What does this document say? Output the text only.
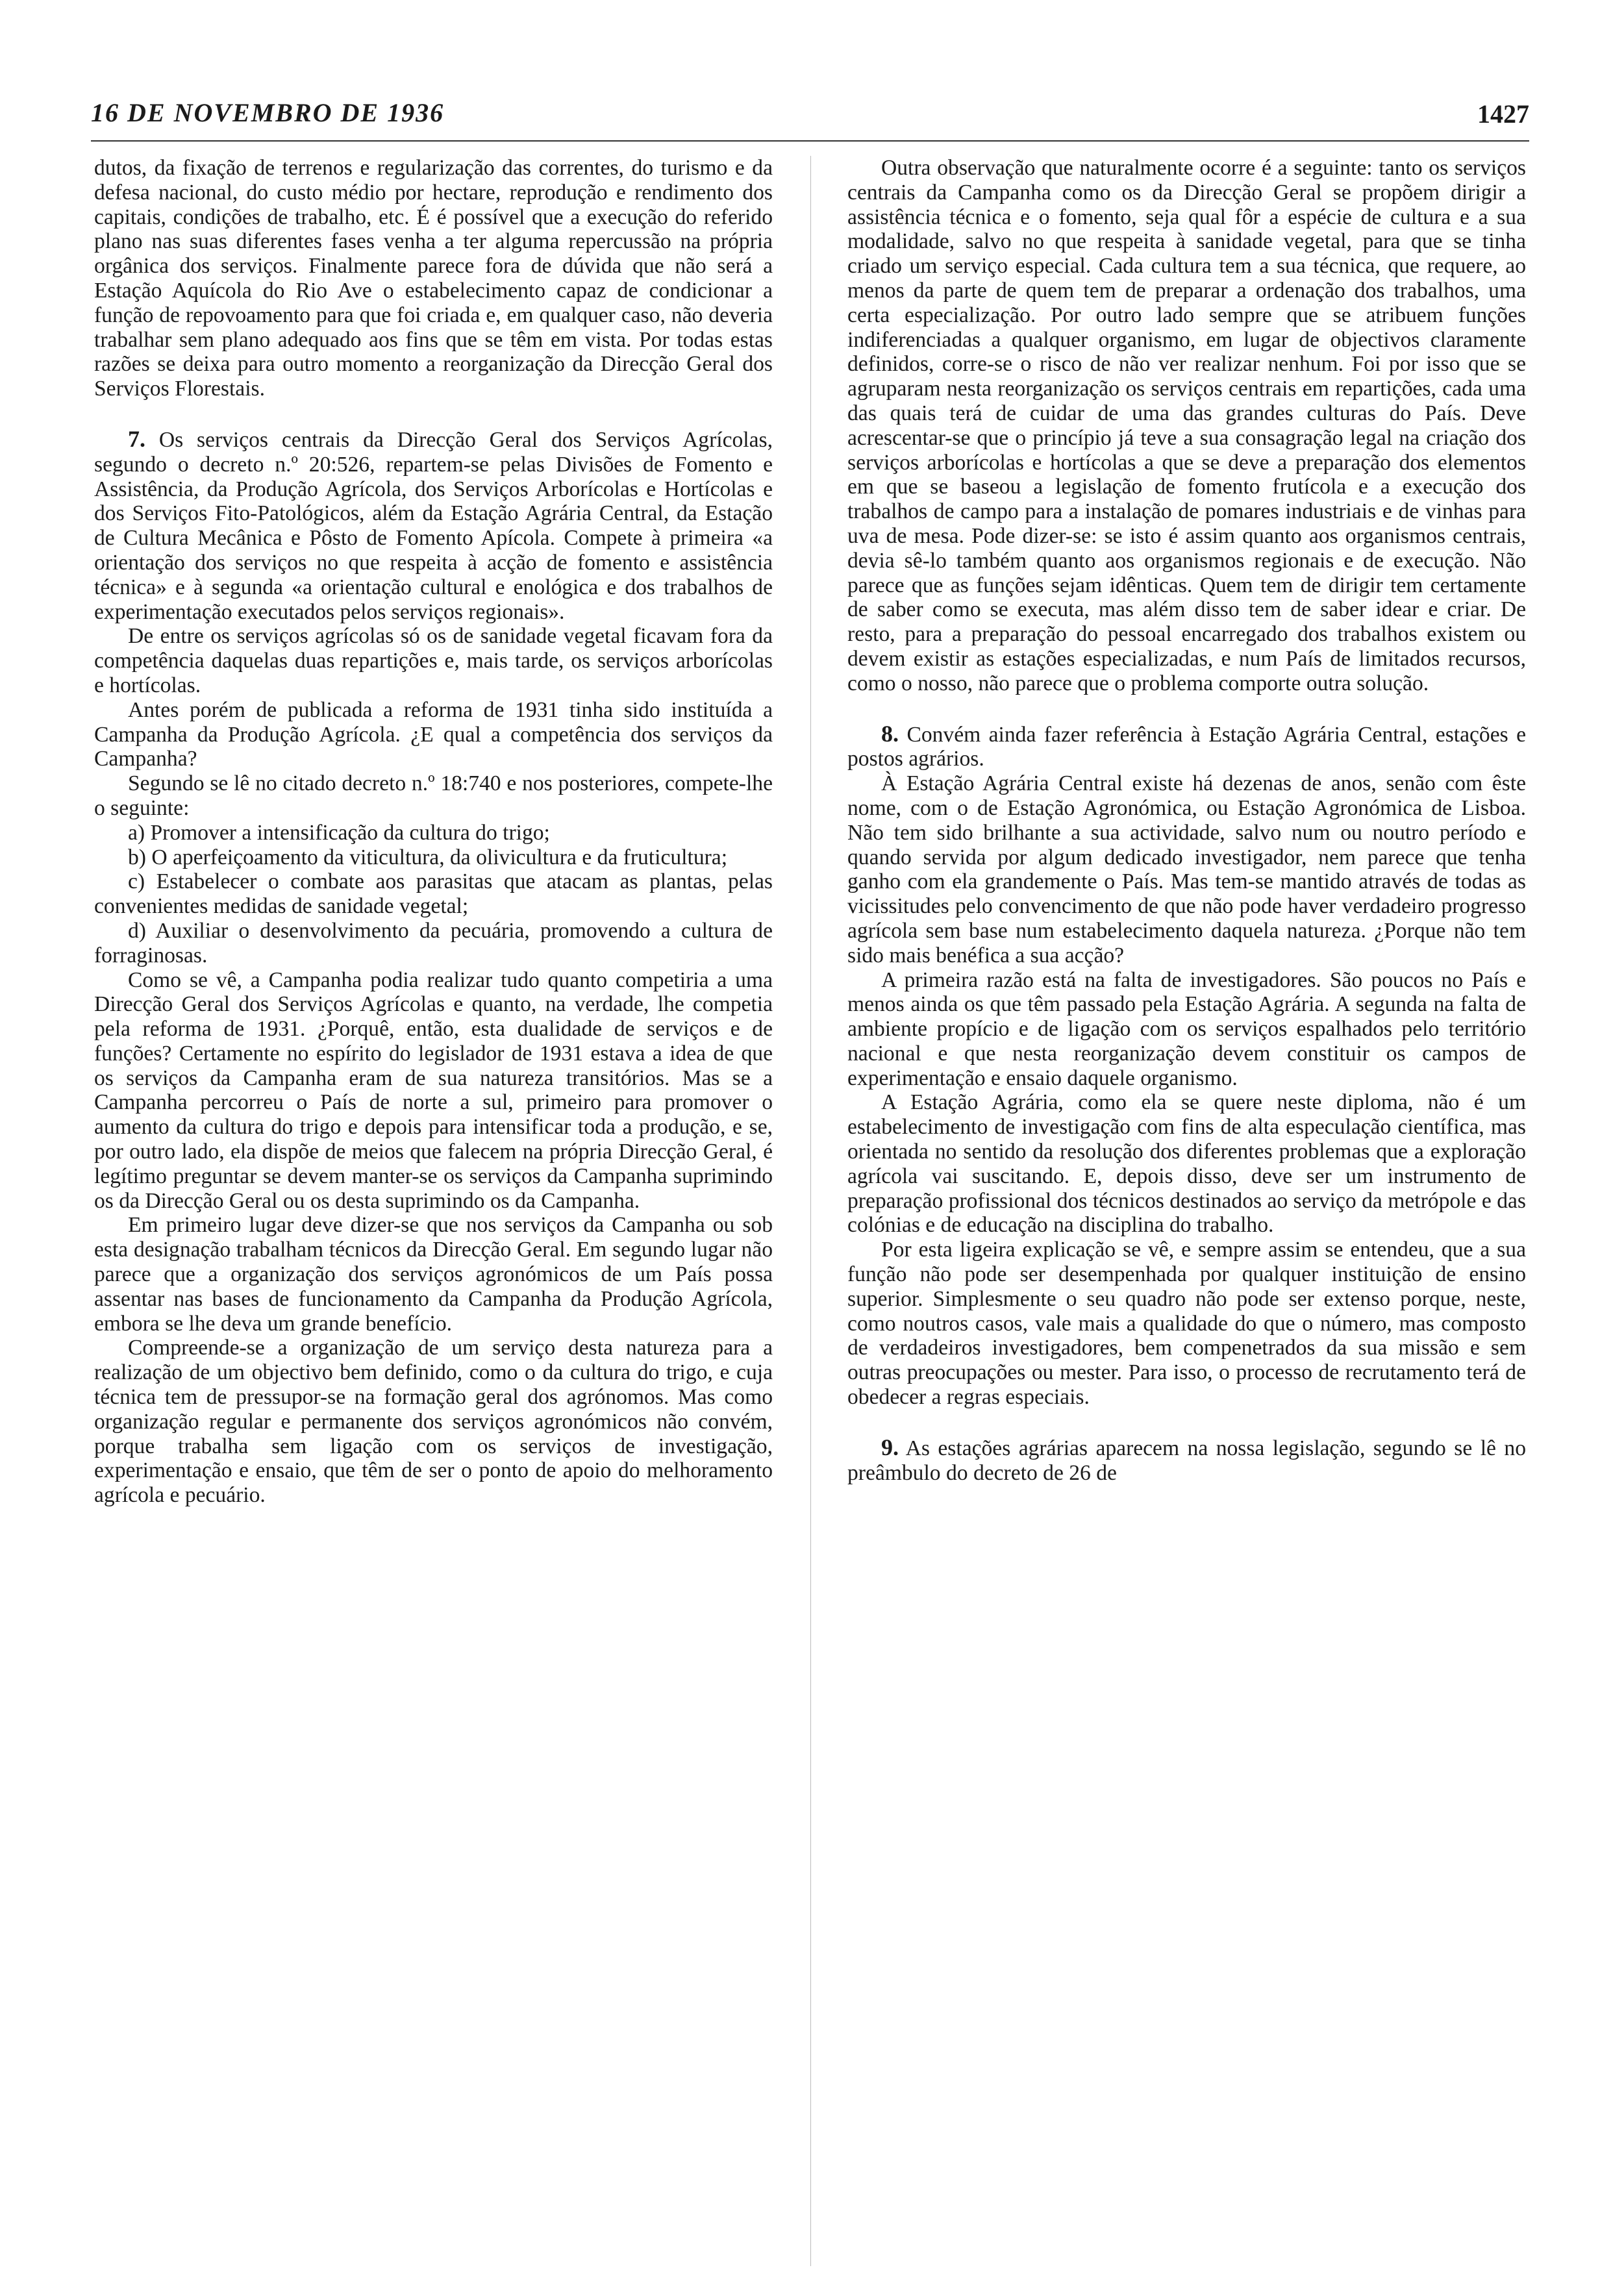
16 DE NOVEMBRO DE 1936	1427

dutos, da fixação de terrenos e regularização das correntes, do turismo e da defesa nacional, do custo médio por hectare, reprodução e rendimento dos capitais, condições de trabalho, etc. É é possível que a execução do referido plano nas suas diferentes fases venha a ter alguma repercussão na própria orgânica dos serviços. Finalmente parece fora de dúvida que não será a Estação Aquícola do Rio Ave o estabelecimento capaz de condicionar a função de repovoamento para que foi criada e, em qualquer caso, não deveria trabalhar sem plano adequado aos fins que se têm em vista. Por todas estas razões se deixa para outro momento a reorganização da Direcção Geral dos Serviços Florestais.

7. Os serviços centrais da Direcção Geral dos Serviços Agrícolas, segundo o decreto n.º 20:526, repartem-se pelas Divisões de Fomento e Assistência, da Produção Agrícola, dos Serviços Arborícolas e Hortícolas e dos Serviços Fito-Patológicos, além da Estação Agrária Central, da Estação de Cultura Mecânica e Pôsto de Fomento Apícola. Compete à primeira «a orientação dos serviços no que respeita à acção de fomento e assistência técnica» e à segunda «a orientação cultural e enológica e dos trabalhos de experimentação executados pelos serviços regionais».

De entre os serviços agrícolas só os de sanidade vegetal ficavam fora da competência daquelas duas repartições e, mais tarde, os serviços arborícolas e hortícolas.

Antes porém de publicada a reforma de 1931 tinha sido instituída a Campanha da Produção Agrícola. ¿E qual a competência dos serviços da Campanha?

Segundo se lê no citado decreto n.º 18:740 e nos posteriores, compete-lhe o seguinte:

a) Promover a intensificação da cultura do trigo;

b) O aperfeiçoamento da viticultura, da olivicultura e da fruticultura;

c) Estabelecer o combate aos parasitas que atacam as plantas, pelas convenientes medidas de sanidade vegetal;

d) Auxiliar o desenvolvimento da pecuária, promovendo a cultura de forraginosas.

Como se vê, a Campanha podia realizar tudo quanto competiria a uma Direcção Geral dos Serviços Agrícolas e quanto, na verdade, lhe competia pela reforma de 1931. ¿Porquê, então, esta dualidade de serviços e de funções? Certamente no espírito do legislador de 1931 estava a idea de que os serviços da Campanha eram de sua natureza transitórios. Mas se a Campanha percorreu o País de norte a sul, primeiro para promover o aumento da cultura do trigo e depois para intensificar toda a produção, e se, por outro lado, ela dispõe de meios que falecem na própria Direcção Geral, é legítimo preguntar se devem manter-se os serviços da Campanha suprimindo os da Direcção Geral ou os desta suprimindo os da Campanha.

Em primeiro lugar deve dizer-se que nos serviços da Campanha ou sob esta designação trabalham técnicos da Direcção Geral. Em segundo lugar não parece que a organização dos serviços agronómicos de um País possa assentar nas bases de funcionamento da Campanha da Produção Agrícola, embora se lhe deva um grande benefício.

Compreende-se a organização de um serviço desta natureza para a realização de um objectivo bem definido, como o da cultura do trigo, e cuja técnica tem de pressupor-se na formação geral dos agrónomos. Mas como organização regular e permanente dos serviços agronómicos não convém, porque trabalha sem ligação com os serviços de investigação, experimentação e ensaio, que têm de ser o ponto de apoio do melhoramento agrícola e pecuário.

Outra observação que naturalmente ocorre é a seguinte: tanto os serviços centrais da Campanha como os da Direcção Geral se propõem dirigir a assistência técnica e o fomento, seja qual fôr a espécie de cultura e a sua modalidade, salvo no que respeita à sanidade vegetal, para que se tinha criado um serviço especial. Cada cultura tem a sua técnica, que requere, ao menos da parte de quem tem de preparar a ordenação dos trabalhos, uma certa especialização. Por outro lado sempre que se atribuem funções indiferenciadas a qualquer organismo, em lugar de objectivos claramente definidos, corre-se o risco de não ver realizar nenhum. Foi por isso que se agruparam nesta reorganização os serviços centrais em repartições, cada uma das quais terá de cuidar de uma das grandes culturas do País. Deve acrescentar-se que o princípio já teve a sua consagração legal na criação dos serviços arborícolas e hortícolas a que se deve a preparação dos elementos em que se baseou a legislação de fomento frutícola e a execução dos trabalhos de campo para a instalação de pomares industriais e de vinhas para uva de mesa. Pode dizer-se: se isto é assim quanto aos organismos centrais, devia sê-lo também quanto aos organismos regionais e de execução. Não parece que as funções sejam idênticas. Quem tem de dirigir tem certamente de saber como se executa, mas além disso tem de saber idear e criar. De resto, para a preparação do pessoal encarregado dos trabalhos existem ou devem existir as estações especializadas, e num País de limitados recursos, como o nosso, não parece que o problema comporte outra solução.

8. Convém ainda fazer referência à Estação Agrária Central, estações e postos agrários.

À Estação Agrária Central existe há dezenas de anos, senão com êste nome, com o de Estação Agronómica, ou Estação Agronómica de Lisboa. Não tem sido brilhante a sua actividade, salvo num ou noutro período e quando servida por algum dedicado investigador, nem parece que tenha ganho com ela grandemente o País. Mas tem-se mantido através de todas as vicissitudes pelo convencimento de que não pode haver verdadeiro progresso agrícola sem base num estabelecimento daquela natureza. ¿Porque não tem sido mais benéfica a sua acção?

A primeira razão está na falta de investigadores. São poucos no País e menos ainda os que têm passado pela Estação Agrária. A segunda na falta de ambiente propício e de ligação com os serviços espalhados pelo território nacional e que nesta reorganização devem constituir os campos de experimentação e ensaio daquele organismo.

A Estação Agrária, como ela se quere neste diploma, não é um estabelecimento de investigação com fins de alta especulação científica, mas orientada no sentido da resolução dos diferentes problemas que a exploração agrícola vai suscitando. E, depois disso, deve ser um instrumento de preparação profissional dos técnicos destinados ao serviço da metrópole e das colónias e de educação na disciplina do trabalho.

Por esta ligeira explicação se vê, e sempre assim se entendeu, que a sua função não pode ser desempenhada por qualquer instituição de ensino superior. Simplesmente o seu quadro não pode ser extenso porque, neste, como noutros casos, vale mais a qualidade do que o número, mas composto de verdadeiros investigadores, bem compenetrados da sua missão e sem outras preocupações ou mester. Para isso, o processo de recrutamento terá de obedecer a regras especiais.

9. As estações agrárias aparecem na nossa legislação, segundo se lê no preâmbulo do decreto de 26 de
